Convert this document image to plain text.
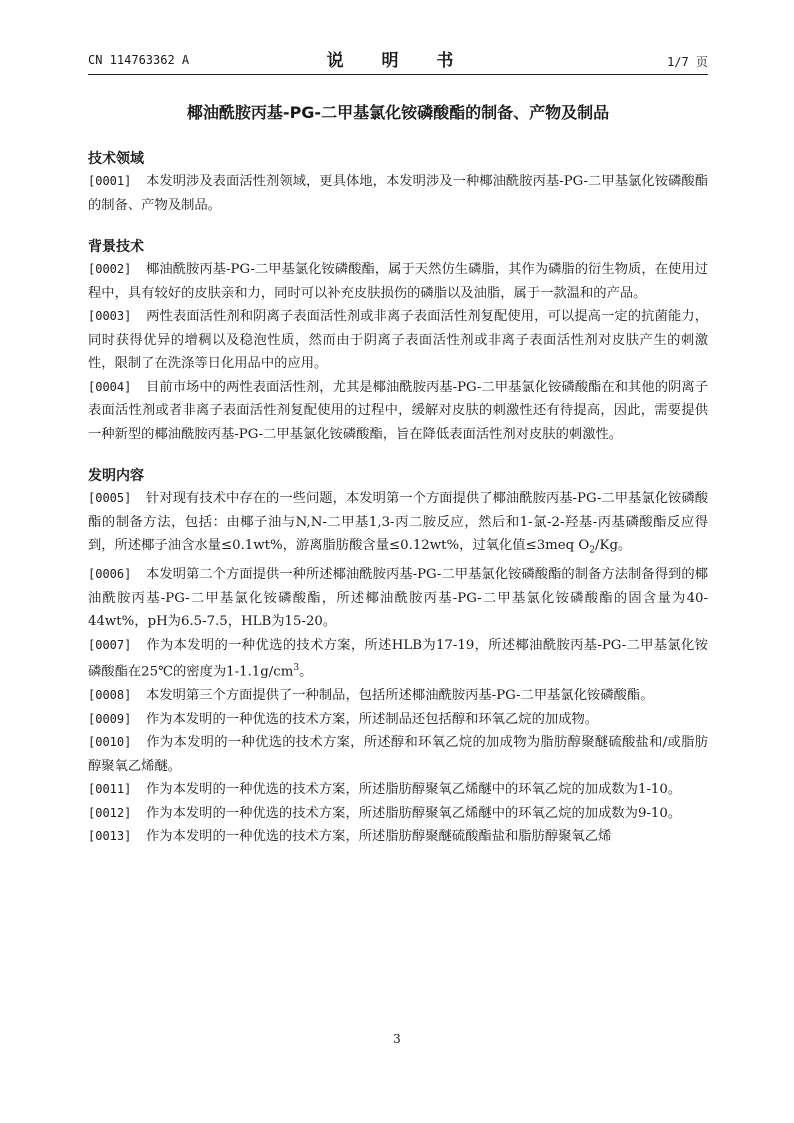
CN 114763362 A	说 明 书	1/7 页
椰油酰胺丙基-PG-二甲基氯化铵磷酸酯的制备、产物及制品
技术领域
[0001] 本发明涉及表面活性剂领域，更具体地，本发明涉及一种椰油酰胺丙基-PG-二甲基氯化铵磷酸酯的制备、产物及制品。
背景技术
[0002] 椰油酰胺丙基-PG-二甲基氯化铵磷酸酯，属于天然仿生磷脂，其作为磷脂的衍生物质，在使用过程中，具有较好的皮肤亲和力，同时可以补充皮肤损伤的磷脂以及油脂，属于一款温和的产品。
[0003] 两性表面活性剂和阴离子表面活性剂或非离子表面活性剂复配使用，可以提高一定的抗菌能力，同时获得优异的增稠以及稳泡性质，然而由于阴离子表面活性剂或非离子表面活性剂对皮肤产生的刺激性，限制了在洗涤等日化用品中的应用。
[0004] 目前市场中的两性表面活性剂，尤其是椰油酰胺丙基-PG-二甲基氯化铵磷酸酯在和其他的阴离子表面活性剂或者非离子表面活性剂复配使用的过程中，缓解对皮肤的刺激性还有待提高，因此，需要提供一种新型的椰油酰胺丙基-PG-二甲基氯化铵磷酸酯，旨在降低表面活性剂对皮肤的刺激性。
发明内容
[0005] 针对现有技术中存在的一些问题，本发明第一个方面提供了椰油酰胺丙基-PG-二甲基氯化铵磷酸酯的制备方法，包括：由椰子油与N,N-二甲基1,3-丙二胺反应，然后和1-氯-2-羟基-丙基磷酸酯反应得到，所述椰子油含水量≤0.1wt%，游离脂肪酸含量≤0.12wt%，过氧化值≤3meq $O_2/Kg$。
[0006] 本发明第二个方面提供一种所述椰油酰胺丙基-PG-二甲基氯化铵磷酸酯的制备方法制备得到的椰油酰胺丙基-PG-二甲基氯化铵磷酸酯，所述椰油酰胺丙基-PG-二甲基氯化铵磷酸酯的固含量为40-44wt%，pH为6.5-7.5，HLB为15-20。
[0007] 作为本发明的一种优选的技术方案，所述HLB为17-19，所述椰油酰胺丙基-PG-二甲基氯化铵磷酸酯在25℃的密度为$1-1.1g/cm^3$。
[0008] 本发明第三个方面提供了一种制品，包括所述椰油酰胺丙基-PG-二甲基氯化铵磷酸酯。
[0009] 作为本发明的一种优选的技术方案，所述制品还包括醇和环氧乙烷的加成物。
[0010] 作为本发明的一种优选的技术方案，所述醇和环氧乙烷的加成物为脂肪醇聚醚硫酸盐和/或脂肪醇聚氧乙烯醚。
[0011] 作为本发明的一种优选的技术方案，所述脂肪醇聚氧乙烯醚中的环氧乙烷的加成数为1-10。
[0012] 作为本发明的一种优选的技术方案，所述脂肪醇聚氧乙烯醚中的环氧乙烷的加成数为9-10。
[0013] 作为本发明的一种优选的技术方案，所述脂肪醇聚醚硫酸酯盐和脂肪醇聚氧乙烯
3
